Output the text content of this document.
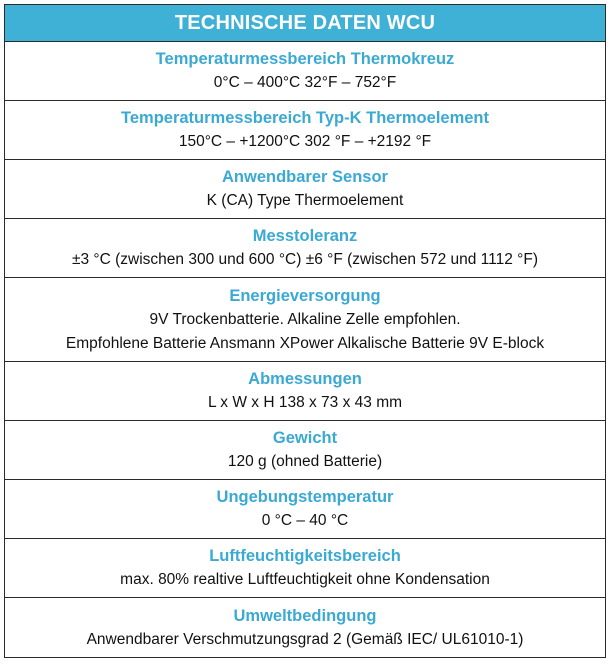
TECHNISCHE DATEN WCU
Temperaturmessbereich Thermokreuz
0°C – 400°C 32°F – 752°F
Temperaturmessbereich Typ-K Thermoelement
150°C – +1200°C 302 °F – +2192 °F
Anwendbarer Sensor
K (CA) Type Thermoelement
Messtoleranz
±3 °C (zwischen 300 und 600 °C) ±6 °F (zwischen 572 und 1112 °F)
Energieversorgung
9V Trockenbatterie. Alkaline Zelle empfohlen.
Empfohlene Batterie Ansmann XPower Alkalische Batterie 9V E-block
Abmessungen
L x W x H 138 x 73 x 43 mm
Gewicht
120 g (ohned Batterie)
Ungebungstemperatur
0 °C – 40 °C
Luftfeuchtigkeitsbereich
max. 80% realtive Luftfeuchtigkeit ohne Kondensation
Umweltbedingung
Anwendbarer Verschmutzungsgrad 2 (Gemäß IEC/ UL61010-1)
